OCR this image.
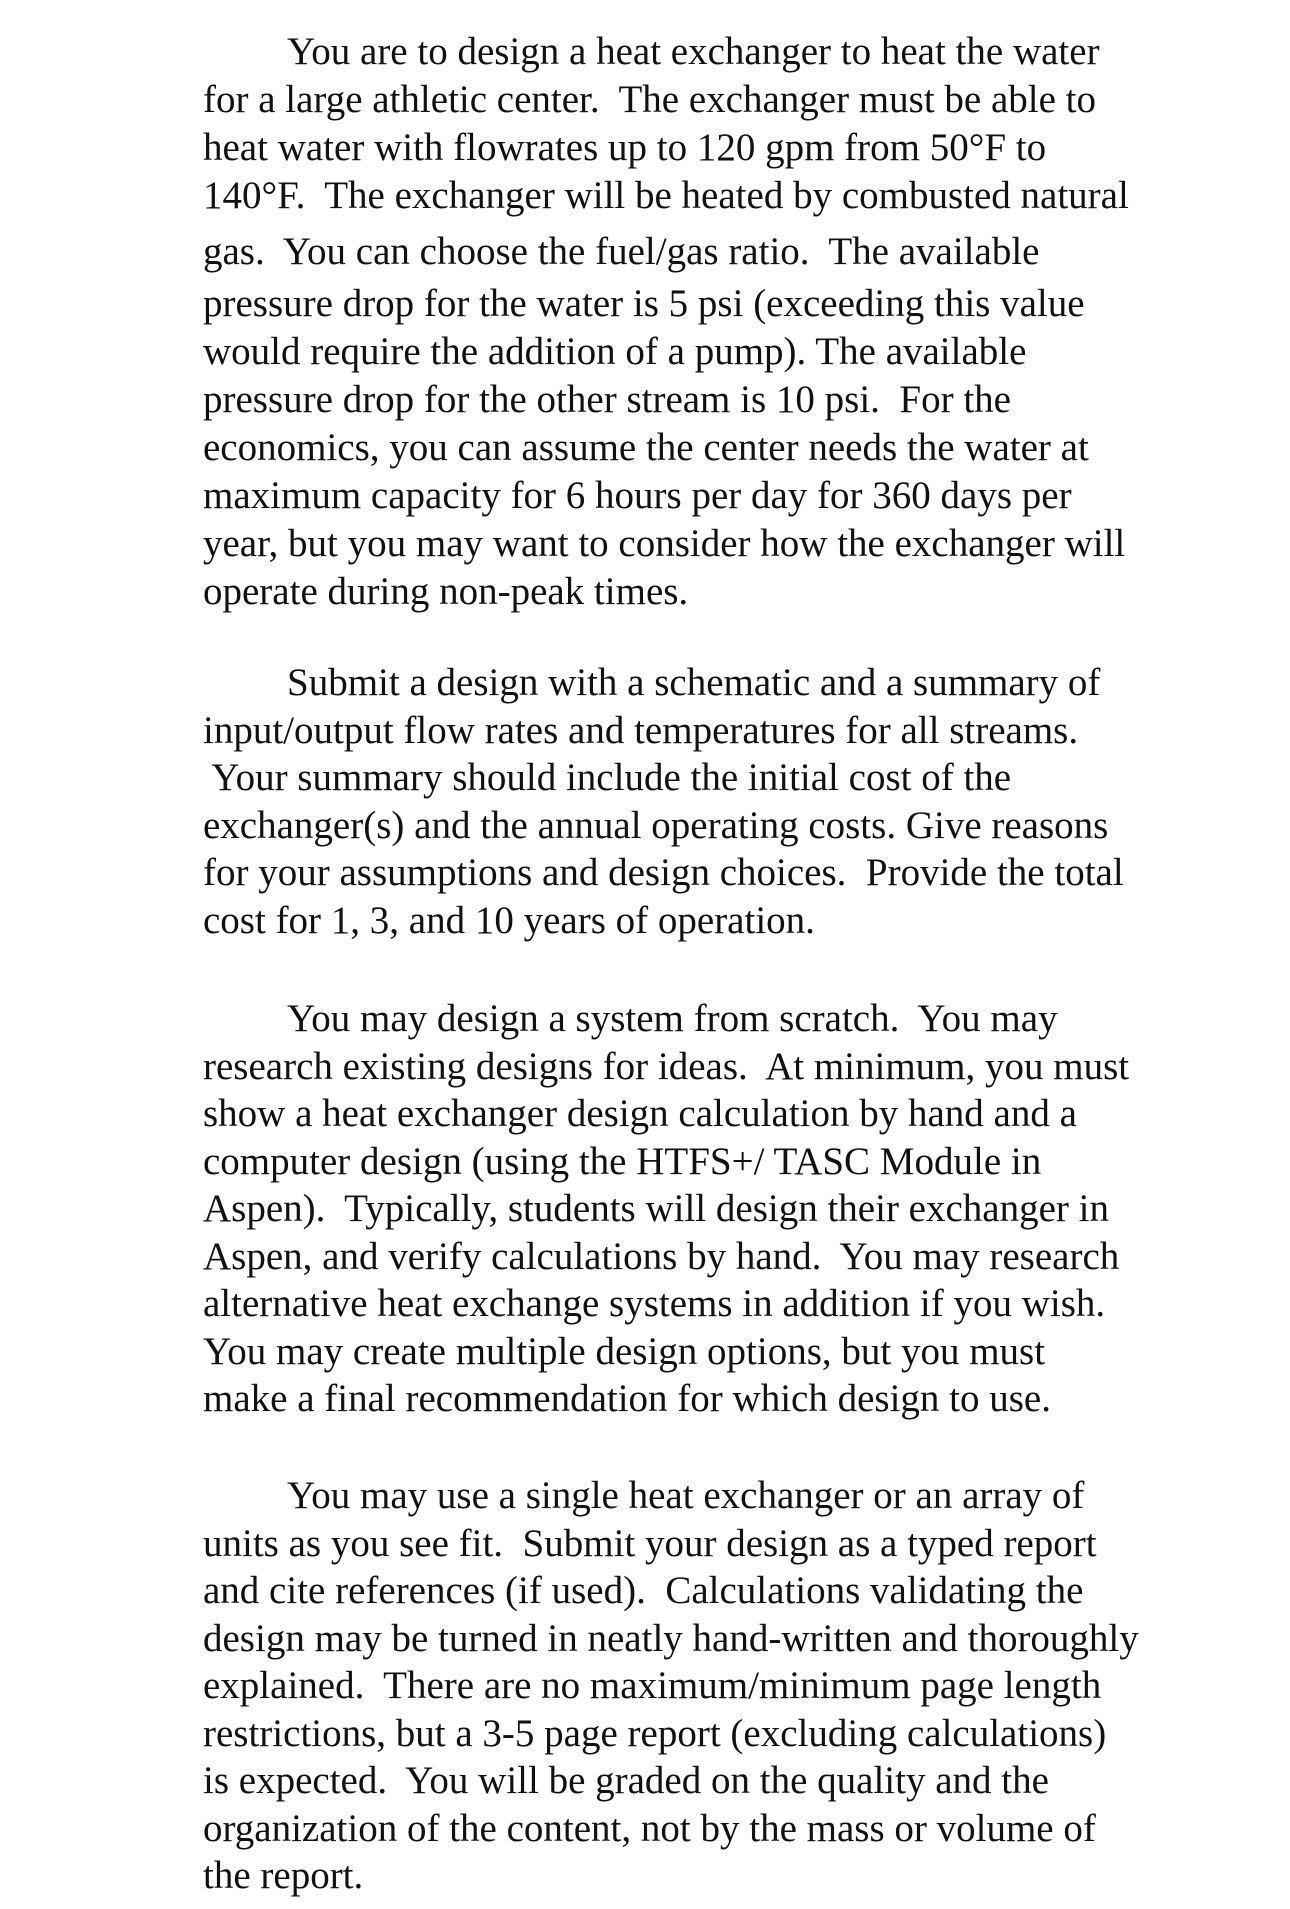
You are to design a heat exchanger to heat the water
for a large athletic center.  The exchanger must be able to
heat water with flowrates up to 120 gpm from 50°F to
140°F.  The exchanger will be heated by combusted natural
gas.  You can choose the fuel/gas ratio.  The available
pressure drop for the water is 5 psi (exceeding this value
would require the addition of a pump). The available
pressure drop for the other stream is 10 psi.  For the
economics, you can assume the center needs the water at
maximum capacity for 6 hours per day for 360 days per
year, but you may want to consider how the exchanger will
operate during non-peak times.

Submit a design with a schematic and a summary of
input/output flow rates and temperatures for all streams.
Your summary should include the initial cost of the
exchanger(s) and the annual operating costs. Give reasons
for your assumptions and design choices.  Provide the total
cost for 1, 3, and 10 years of operation.

You may design a system from scratch.  You may
research existing designs for ideas.  At minimum, you must
show a heat exchanger design calculation by hand and a
computer design (using the HTFS+/ TASC Module in
Aspen).  Typically, students will design their exchanger in
Aspen, and verify calculations by hand.  You may research
alternative heat exchange systems in addition if you wish.
You may create multiple design options, but you must
make a final recommendation for which design to use.

You may use a single heat exchanger or an array of
units as you see fit.  Submit your design as a typed report
and cite references (if used).  Calculations validating the
design may be turned in neatly hand-written and thoroughly
explained.  There are no maximum/minimum page length
restrictions, but a 3-5 page report (excluding calculations)
is expected.  You will be graded on the quality and the
organization of the content, not by the mass or volume of
the report.
